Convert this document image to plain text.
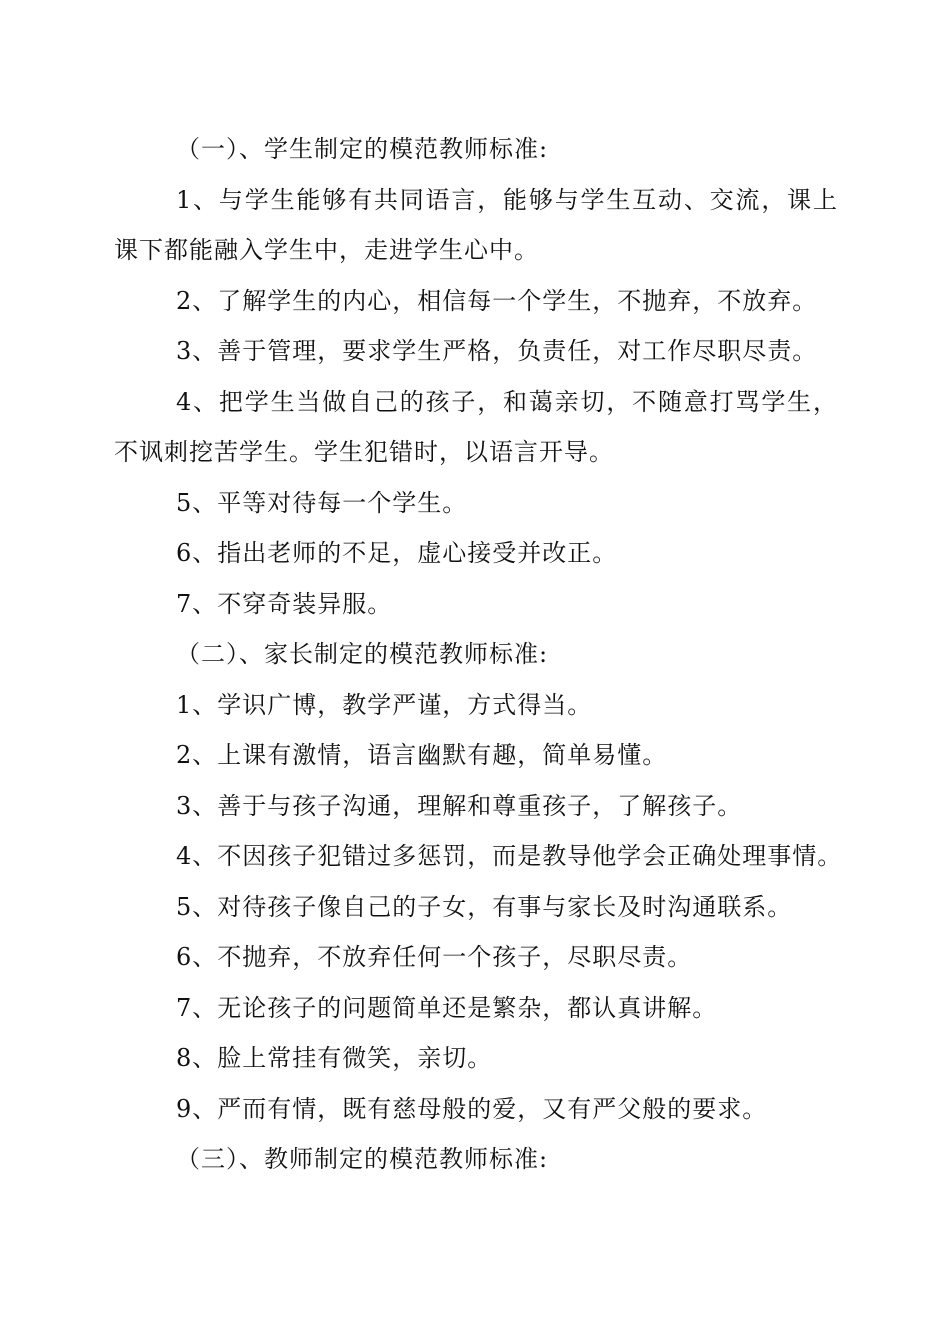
（一）、学生制定的模范教师标准:
1、与学生能够有共同语言，能够与学生互动、交流，课上课下都能融入学生中，走进学生心中。
2、了解学生的内心，相信每一个学生，不抛弃，不放弃。
3、善于管理，要求学生严格，负责任，对工作尽职尽责。
4、把学生当做自己的孩子，和蔼亲切，不随意打骂学生，不讽刺挖苦学生。学生犯错时，以语言开导。
5、平等对待每一个学生。
6、指出老师的不足，虚心接受并改正。
7、不穿奇装异服。
（二）、家长制定的模范教师标准:
1、学识广博，教学严谨，方式得当。
2、上课有激情，语言幽默有趣，简单易懂。
3、善于与孩子沟通，理解和尊重孩子，了解孩子。
4、不因孩子犯错过多惩罚，而是教导他学会正确处理事情。
5、对待孩子像自己的子女，有事与家长及时沟通联系。
6、不抛弃，不放弃任何一个孩子，尽职尽责。
7、无论孩子的问题简单还是繁杂，都认真讲解。
8、脸上常挂有微笑，亲切。
9、严而有情，既有慈母般的爱，又有严父般的要求。
（三）、教师制定的模范教师标准:
